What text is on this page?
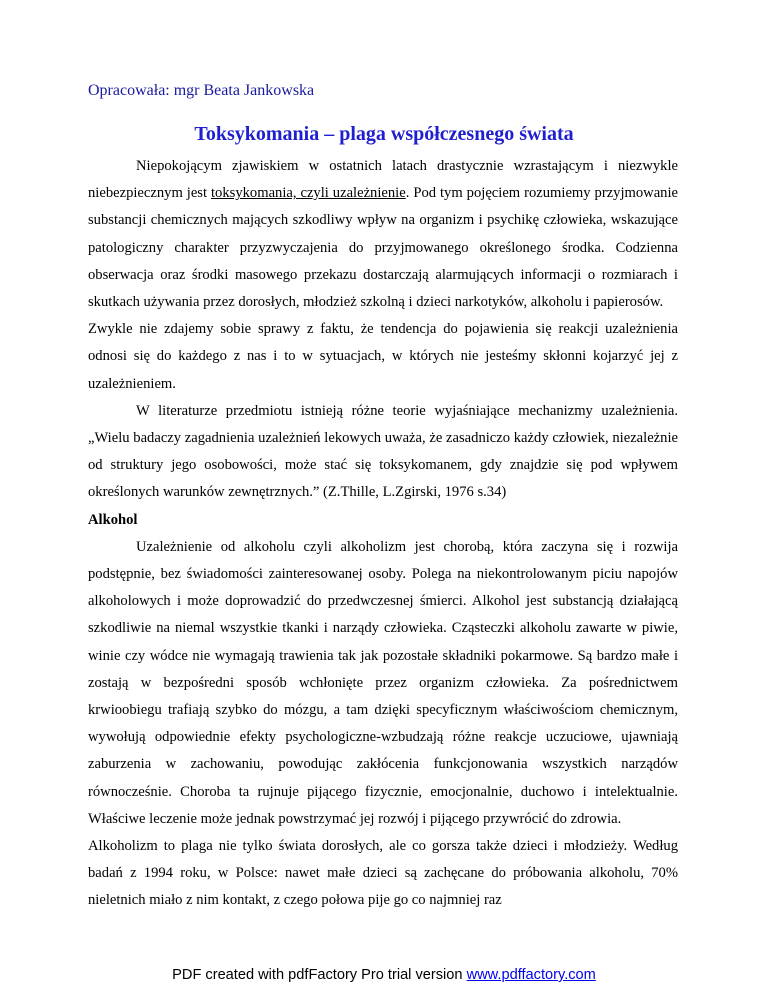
Opracowała: mgr Beata Jankowska
Toksykomania – plaga współczesnego świata

Niepokojącym zjawiskiem w ostatnich latach drastycznie wzrastającym i niezwykle niebezpiecznym jest toksykomania, czyli uzależnienie. Pod tym pojęciem rozumiemy przyjmowanie substancji chemicznych mających szkodliwy wpływ na organizm i psychikę człowieka, wskazujące patologiczny charakter przyzwyczajenia do przyjmowanego określonego środka. Codzienna obserwacja oraz środki masowego przekazu dostarczają alarmujących informacji o rozmiarach i skutkach używania przez dorosłych, młodzież szkolną i dzieci narkotyków, alkoholu i papierosów.

Zwykle nie zdajemy sobie sprawy z faktu, że tendencja do pojawienia się reakcji uzależnienia odnosi się do każdego z nas i to w sytuacjach, w których nie jesteśmy skłonni kojarzyć jej z uzależnieniem.

W literaturze przedmiotu istnieją różne teorie wyjaśniające mechanizmy uzależnienia. „Wielu badaczy zagadnienia uzależnień lekowych uważa, że zasadniczo każdy człowiek, niezależnie od struktury jego osobowości, może stać się toksykomanem, gdy znajdzie się pod wpływem określonych warunków zewnętrznych.” (Z.Thille, L.Zgirski, 1976 s.34)

Alkohol

Uzależnienie od alkoholu czyli alkoholizm jest chorobą, która zaczyna się i rozwija podstępnie, bez świadomości zainteresowanej osoby. Polega na niekontrolowanym piciu napojów alkoholowych i może doprowadzić do przedwczesnej śmierci. Alkohol jest substancją działającą szkodliwie na niemal wszystkie tkanki i narządy człowieka. Cząsteczki alkoholu zawarte w piwie, winie czy wódce nie wymagają trawienia tak jak pozostałe składniki pokarmowe. Są bardzo małe i zostają w bezpośredni sposób wchłonięte przez organizm człowieka. Za pośrednictwem krwioobiegu trafiają szybko do mózgu, a tam dzięki specyficznym właściwościom chemicznym, wywołują odpowiednie efekty psychologiczne-wzbudzają różne reakcje uczuciowe, ujawniają zaburzenia w zachowaniu, powodując zakłócenia funkcjonowania wszystkich narządów równocześnie. Choroba ta rujnuje pijącego fizycznie, emocjonalnie, duchowo i intelektualnie. Właściwe leczenie może jednak powstrzymać jej rozwój i pijącego przywrócić do zdrowia.

Alkoholizm to plaga nie tylko świata dorosłych, ale co gorsza także dzieci i młodzieży. Według badań z 1994 roku, w Polsce: nawet małe dzieci są zachęcane do próbowania alkoholu, 70% nieletnich miało z nim kontakt, z czego połowa pije go co najmniej raz

PDF created with pdfFactory Pro trial version www.pdffactory.com
